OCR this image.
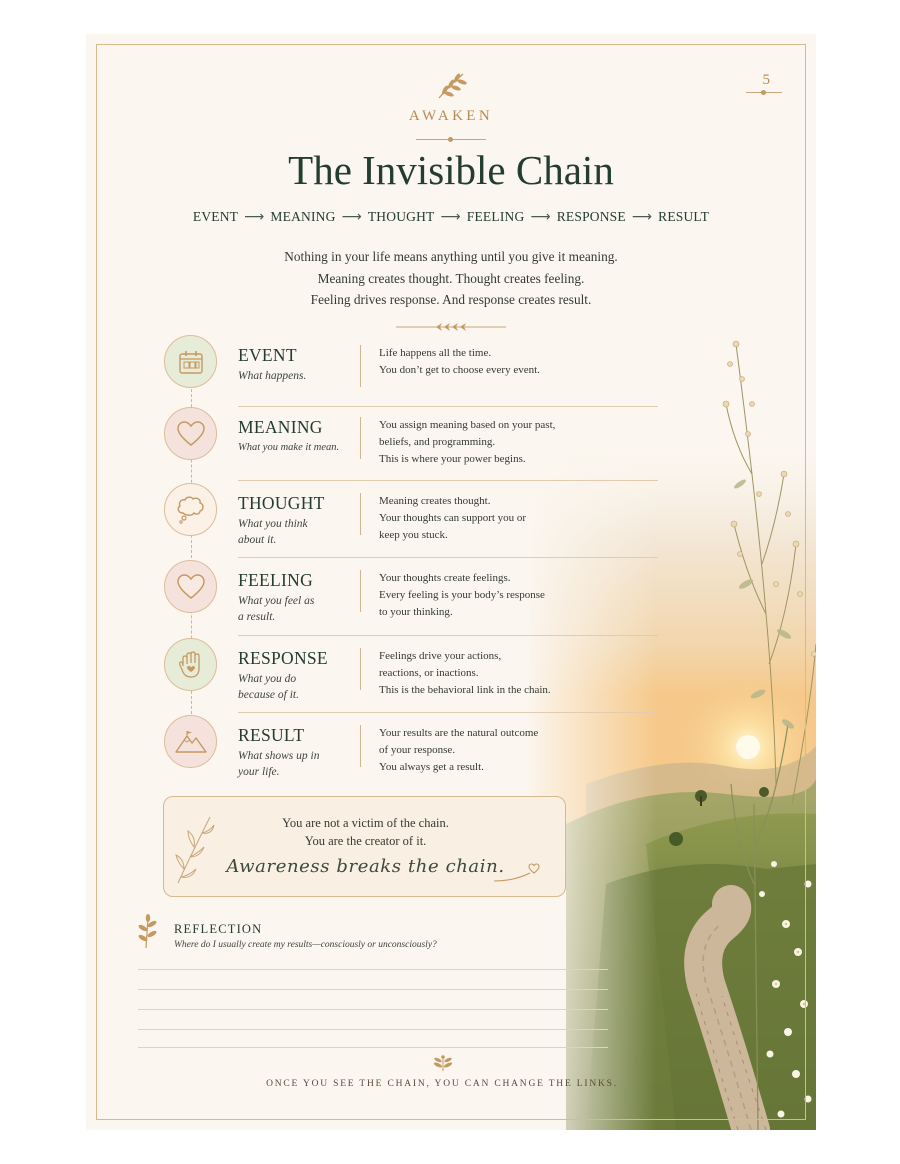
5
AWAKEN
The Invisible Chain
EVENT ⟶ MEANING ⟶ THOUGHT ⟶ FEELING ⟶ RESPONSE ⟶ RESULT
Nothing in your life means anything until you give it meaning.
Meaning creates thought. Thought creates feeling.
Feeling drives response. And response creates result.
EVENT
What happens.
Life happens all the time.
You don’t get to choose every event.
MEANING
What you make it mean.
You assign meaning based on your past,
beliefs, and programming.
This is where your power begins.
THOUGHT
What you think about it.
Meaning creates thought.
Your thoughts can support you or
keep you stuck.
FEELING
What you feel as a result.
Your thoughts create feelings.
Every feeling is your body’s response
to your thinking.
RESPONSE
What you do because of it.
Feelings drive your actions,
reactions, or inactions.
This is the behavioral link in the chain.
RESULT
What shows up in your life.
Your results are the natural outcome
of your response.
You always get a result.
You are not a victim of the chain.
You are the creator of it.
Awareness breaks the chain.
REFLECTION
Where do I usually create my results—consciously or unconsciously?
ONCE YOU SEE THE CHAIN, YOU CAN CHANGE THE LINKS.
